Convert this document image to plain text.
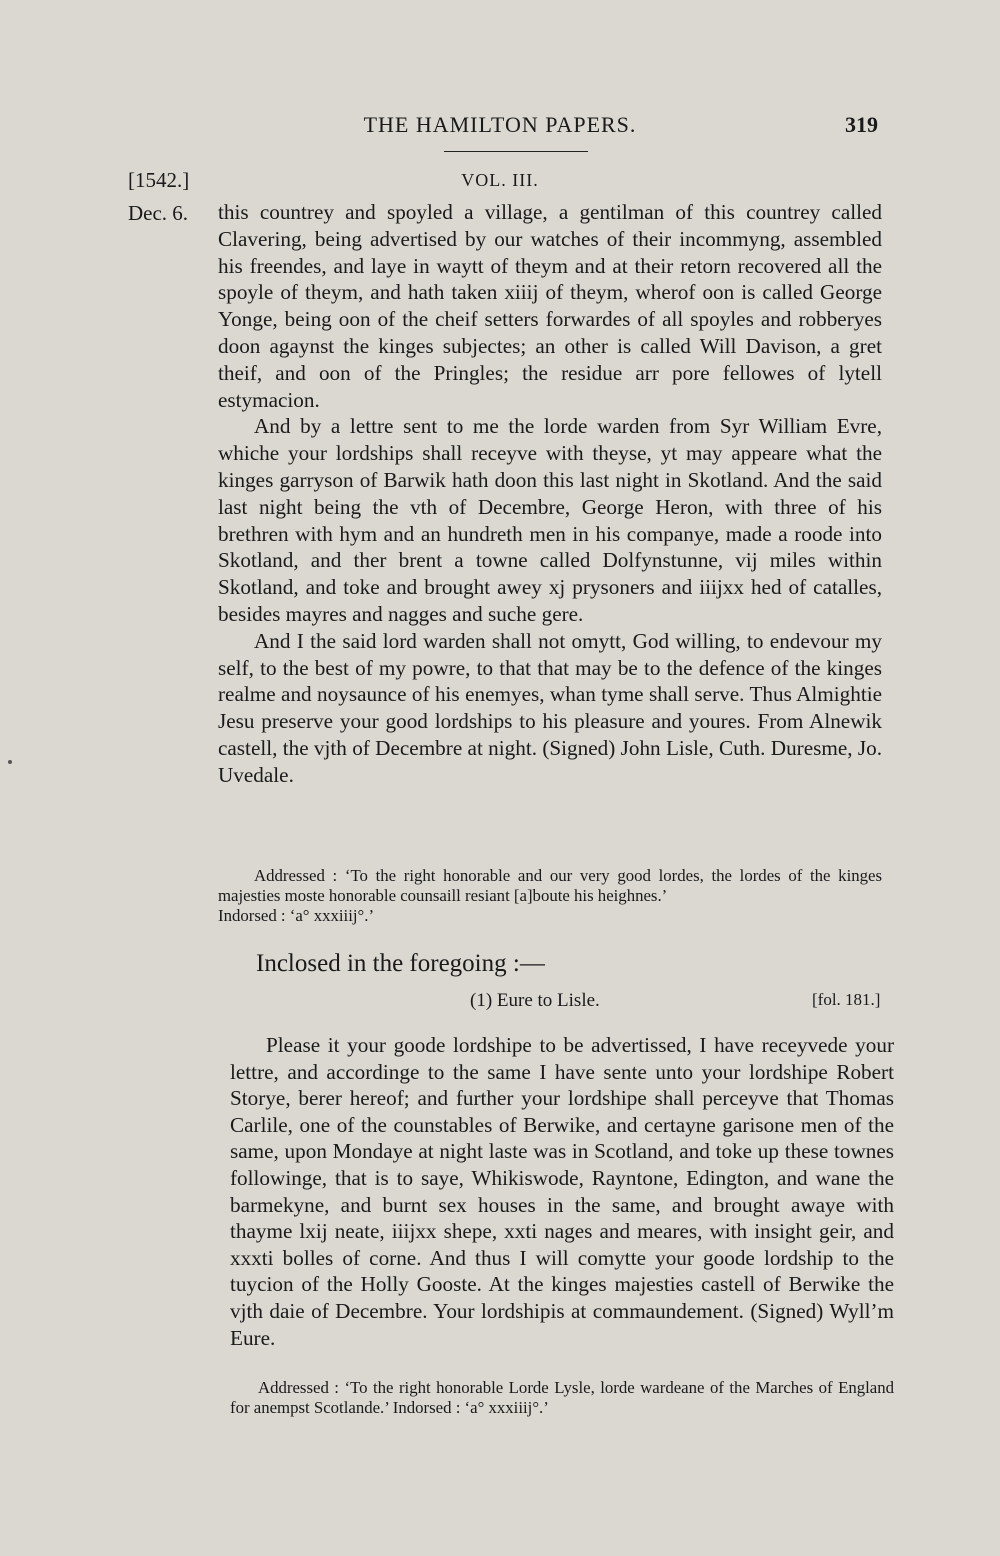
THE HAMILTON PAPERS.	319
[1542.]	VOL. III.
Dec. 6. this countrey and spoyled a village, a gentilman of this countrey called Clavering, being advertised by our watches of their incommyng, assembled his freendes, and laye in waytt of theym and at their retorn recovered all the spoyle of theym, and hath taken xiiij of theym, wherof oon is called George Yonge, being oon of the cheif setters forwardes of all spoyles and robberyes doon agaynst the kinges subjectes; an other is called Will Davison, a gret theif, and oon of the Pringles; the residue arr pore fellowes of lytell estymacion.

And by a lettre sent to me the lorde warden from Syr William Evre, whiche your lordships shall receyve with theyse, yt may appeare what the kinges garryson of Barwik hath doon this last night in Skotland. And the said last night being the vth of Decembre, George Heron, with three of his brethren with hym and an hundreth men in his companye, made a roode into Skotland, and ther brent a towne called Dolfynstunne, vij miles within Skotland, and toke and brought awey xj prysoners and iiijxx hed of catalles, besides mayres and nagges and suche gere.

And I the said lord warden shall not omytt, God willing, to endevour my self, to the best of my powre, to that that may be to the defence of the kinges realme and noysaunce of his enemyes, whan tyme shall serve. Thus Almightie Jesu preserve your good lordships to his pleasure and youres. From Alnewik castell, the vjth of Decembre at night. (Signed) John Lisle, Cuth. Duresme, Jo. Uvedale.

Addressed : ‘To the right honorable and our very good lordes, the lordes of the kinges majesties moste honorable counsaill resiant [a]boute his heighnes.’
Indorsed : ‘a° xxxiiij°.’
Inclosed in the foregoing :—
(1) Eure to Lisle.	[fol. 181.]

Please it your goode lordshipe to be advertissed, I have receyvede your lettre, and accordinge to the same I have sente unto your lordshipe Robert Storye, berer hereof; and further your lordshipe shall perceyve that Thomas Carlile, one of the counstables of Berwike, and certayne garisone men of the same, upon Mondaye at night laste was in Scotland, and toke up these townes followinge, that is to saye, Whikiswode, Rayntone, Edington, and wane the barmekyne, and burnt sex houses in the same, and brought awaye with thayme lxij neate, iiijxx shepe, xxti nages and meares, with insight geir, and xxxti bolles of corne. And thus I will comytte your goode lordship to the tuycion of the Holly Gooste. At the kinges majesties castell of Berwike the vjth daie of Decembre. Your lordshipis at commaundement. (Signed) Wyll’m Eure.

Addressed : ‘To the right honorable Lorde Lysle, lorde wardeane of the Marches of England for anempst Scotlande.’ Indorsed : ‘a° xxxiiij°.’
